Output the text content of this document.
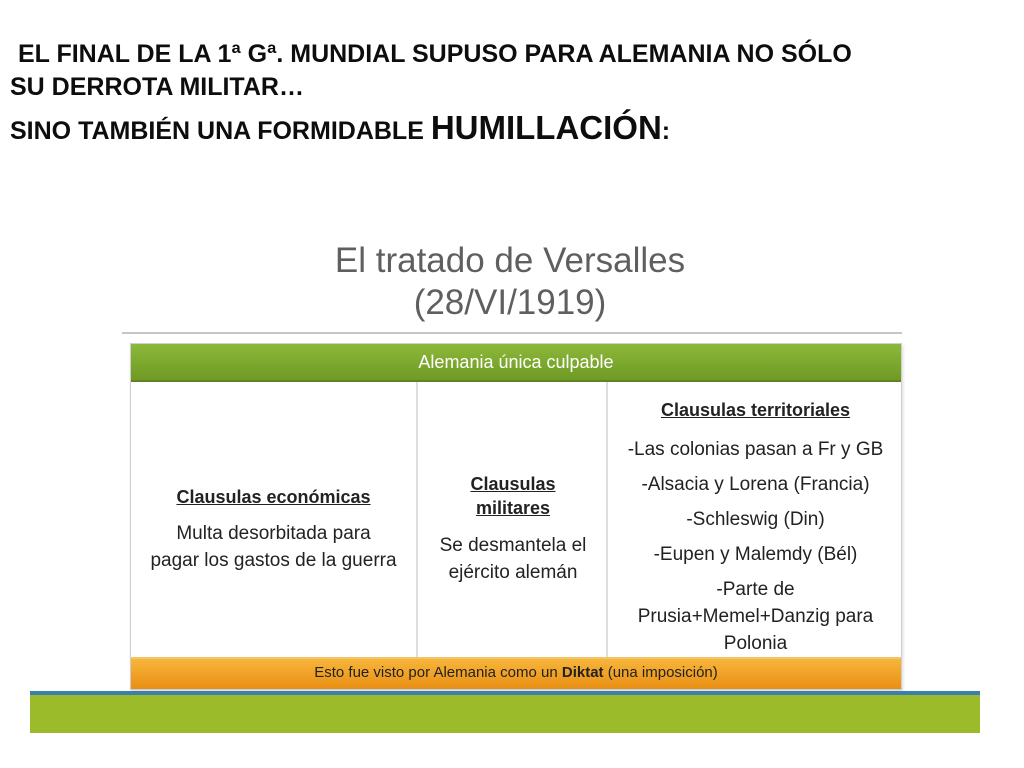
EL FINAL DE LA 1ª Gª. MUNDIAL SUPUSO PARA ALEMANIA NO SÓLO
SU DERROTA MILITAR…
SINO TAMBIÉN UNA FORMIDABLE HUMILLACIÓN:
El tratado de Versalles
(28/VI/1919)
Alemania única culpable
Clausulas económicas
Multa desorbitada para
pagar los gastos de la guerra
Clausulas
militares
Se desmantela el
ejército alemán
Clausulas territoriales
-Las colonias pasan a Fr y GB
-Alsacia y Lorena (Francia)
-Schleswig (Din)
-Eupen y Malemdy (Bél)
-Parte de
Prusia+Memel+Danzig para
Polonia
Esto fue visto por Alemania como un Diktat (una imposición)
